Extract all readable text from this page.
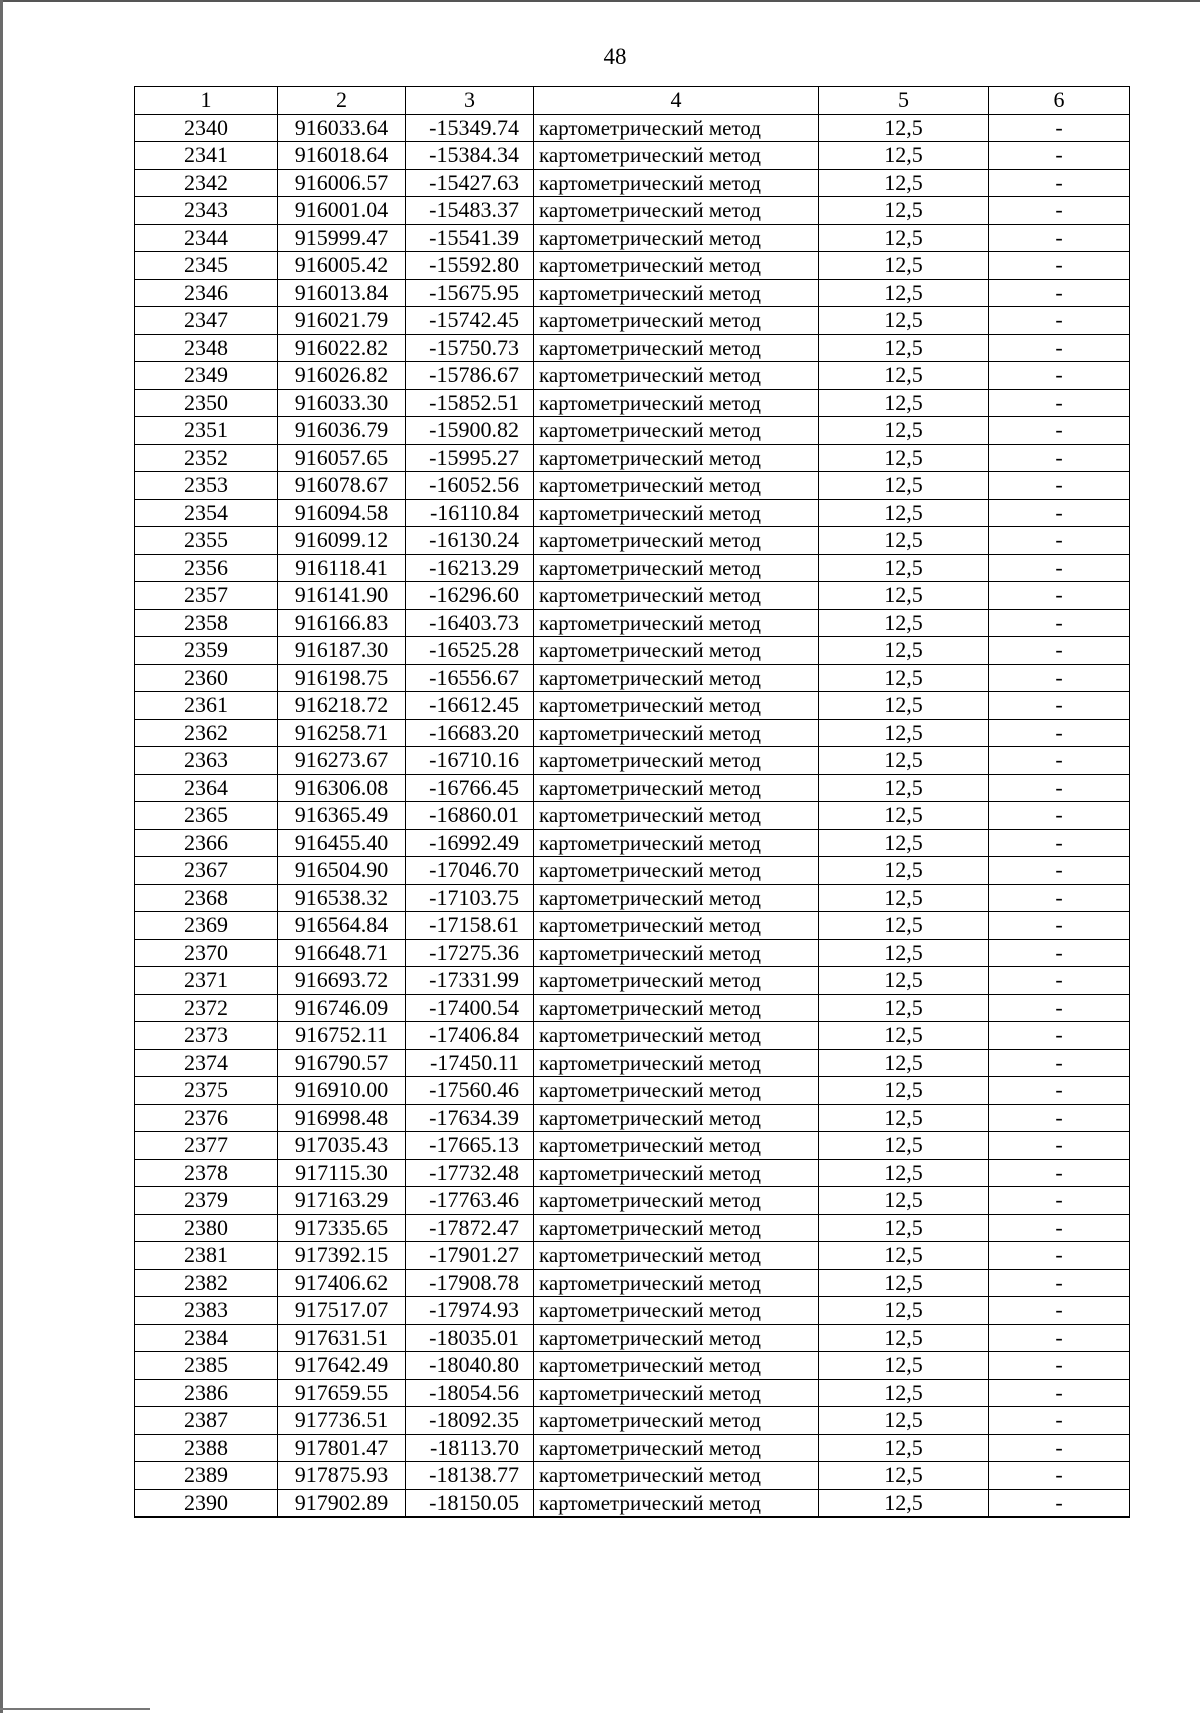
48
1	2	3	4	5	6
2340	916033.64	-15349.74	картометрический метод	12,5	-
2341	916018.64	-15384.34	картометрический метод	12,5	-
2342	916006.57	-15427.63	картометрический метод	12,5	-
2343	916001.04	-15483.37	картометрический метод	12,5	-
2344	915999.47	-15541.39	картометрический метод	12,5	-
2345	916005.42	-15592.80	картометрический метод	12,5	-
2346	916013.84	-15675.95	картометрический метод	12,5	-
2347	916021.79	-15742.45	картометрический метод	12,5	-
2348	916022.82	-15750.73	картометрический метод	12,5	-
2349	916026.82	-15786.67	картометрический метод	12,5	-
2350	916033.30	-15852.51	картометрический метод	12,5	-
2351	916036.79	-15900.82	картометрический метод	12,5	-
2352	916057.65	-15995.27	картометрический метод	12,5	-
2353	916078.67	-16052.56	картометрический метод	12,5	-
2354	916094.58	-16110.84	картометрический метод	12,5	-
2355	916099.12	-16130.24	картометрический метод	12,5	-
2356	916118.41	-16213.29	картометрический метод	12,5	-
2357	916141.90	-16296.60	картометрический метод	12,5	-
2358	916166.83	-16403.73	картометрический метод	12,5	-
2359	916187.30	-16525.28	картометрический метод	12,5	-
2360	916198.75	-16556.67	картометрический метод	12,5	-
2361	916218.72	-16612.45	картометрический метод	12,5	-
2362	916258.71	-16683.20	картометрический метод	12,5	-
2363	916273.67	-16710.16	картометрический метод	12,5	-
2364	916306.08	-16766.45	картометрический метод	12,5	-
2365	916365.49	-16860.01	картометрический метод	12,5	-
2366	916455.40	-16992.49	картометрический метод	12,5	-
2367	916504.90	-17046.70	картометрический метод	12,5	-
2368	916538.32	-17103.75	картометрический метод	12,5	-
2369	916564.84	-17158.61	картометрический метод	12,5	-
2370	916648.71	-17275.36	картометрический метод	12,5	-
2371	916693.72	-17331.99	картометрический метод	12,5	-
2372	916746.09	-17400.54	картометрический метод	12,5	-
2373	916752.11	-17406.84	картометрический метод	12,5	-
2374	916790.57	-17450.11	картометрический метод	12,5	-
2375	916910.00	-17560.46	картометрический метод	12,5	-
2376	916998.48	-17634.39	картометрический метод	12,5	-
2377	917035.43	-17665.13	картометрический метод	12,5	-
2378	917115.30	-17732.48	картометрический метод	12,5	-
2379	917163.29	-17763.46	картометрический метод	12,5	-
2380	917335.65	-17872.47	картометрический метод	12,5	-
2381	917392.15	-17901.27	картометрический метод	12,5	-
2382	917406.62	-17908.78	картометрический метод	12,5	-
2383	917517.07	-17974.93	картометрический метод	12,5	-
2384	917631.51	-18035.01	картометрический метод	12,5	-
2385	917642.49	-18040.80	картометрический метод	12,5	-
2386	917659.55	-18054.56	картометрический метод	12,5	-
2387	917736.51	-18092.35	картометрический метод	12,5	-
2388	917801.47	-18113.70	картометрический метод	12,5	-
2389	917875.93	-18138.77	картометрический метод	12,5	-
2390	917902.89	-18150.05	картометрический метод	12,5	-
